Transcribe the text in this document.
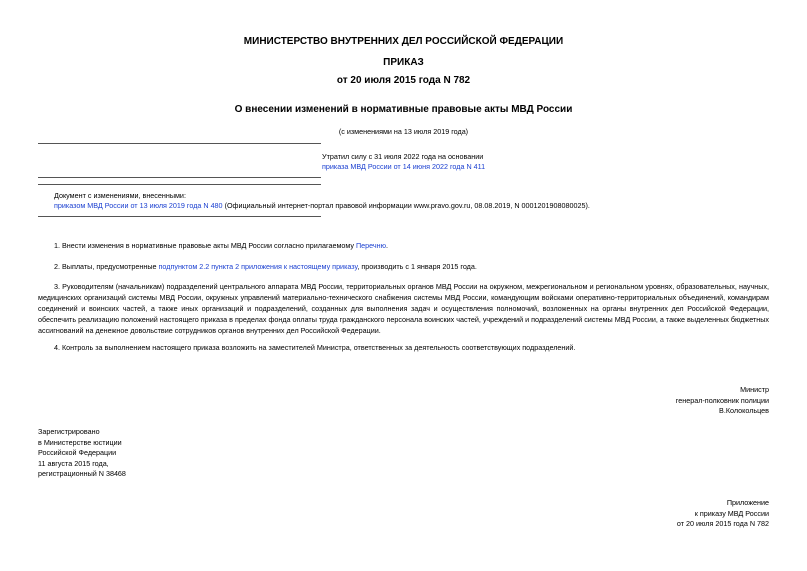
МИНИСТЕРСТВО ВНУТРЕННИХ ДЕЛ РОССИЙСКОЙ ФЕДЕРАЦИИ
ПРИКАЗ
от 20 июля 2015 года N 782
О внесении изменений в нормативные правовые акты МВД России
(с изменениями на 13 июля 2019 года)
Утратил силу с 31 июля 2022 года на основании
приказа МВД России от 14 июня 2022 года N 411
Документ с изменениями, внесенными:
приказом МВД России от 13 июля 2019 года N 480 (Официальный интернет-портал правовой информации www.pravo.gov.ru, 08.08.2019, N 0001201908080025).
1. Внести изменения в нормативные правовые акты МВД России согласно прилагаемому Перечню.
2. Выплаты, предусмотренные подпунктом 2.2 пункта 2 приложения к настоящему приказу, производить с 1 января 2015 года.
3. Руководителям (начальникам) подразделений центрального аппарата МВД России, территориальных органов МВД России на окружном, межрегиональном и региональном уровнях, образовательных, научных, медицинских организаций системы МВД России, окружных управлений материально-технического снабжения системы МВД России, командующим войсками оперативно-территориальных объединений, командирам соединений и воинских частей, а также иных организаций и подразделений, созданных для выполнения задач и осуществления полномочий, возложенных на органы внутренних дел Российской Федерации, обеспечить реализацию положений настоящего приказа в пределах фонда оплаты труда гражданского персонала воинских частей, учреждений и подразделений системы МВД России, а также выделенных бюджетных ассигнований на денежное довольствие сотрудников органов внутренних дел Российской Федерации.
4. Контроль за выполнением настоящего приказа возложить на заместителей Министра, ответственных за деятельность соответствующих подразделений.
Министр
генерал-полковник полиции
В.Колокольцев
Зарегистрировано
в Министерстве юстиции
Российской Федерации
11 августа 2015 года,
регистрационный N 38468
Приложение
к приказу МВД России
от 20 июля 2015 года N 782
